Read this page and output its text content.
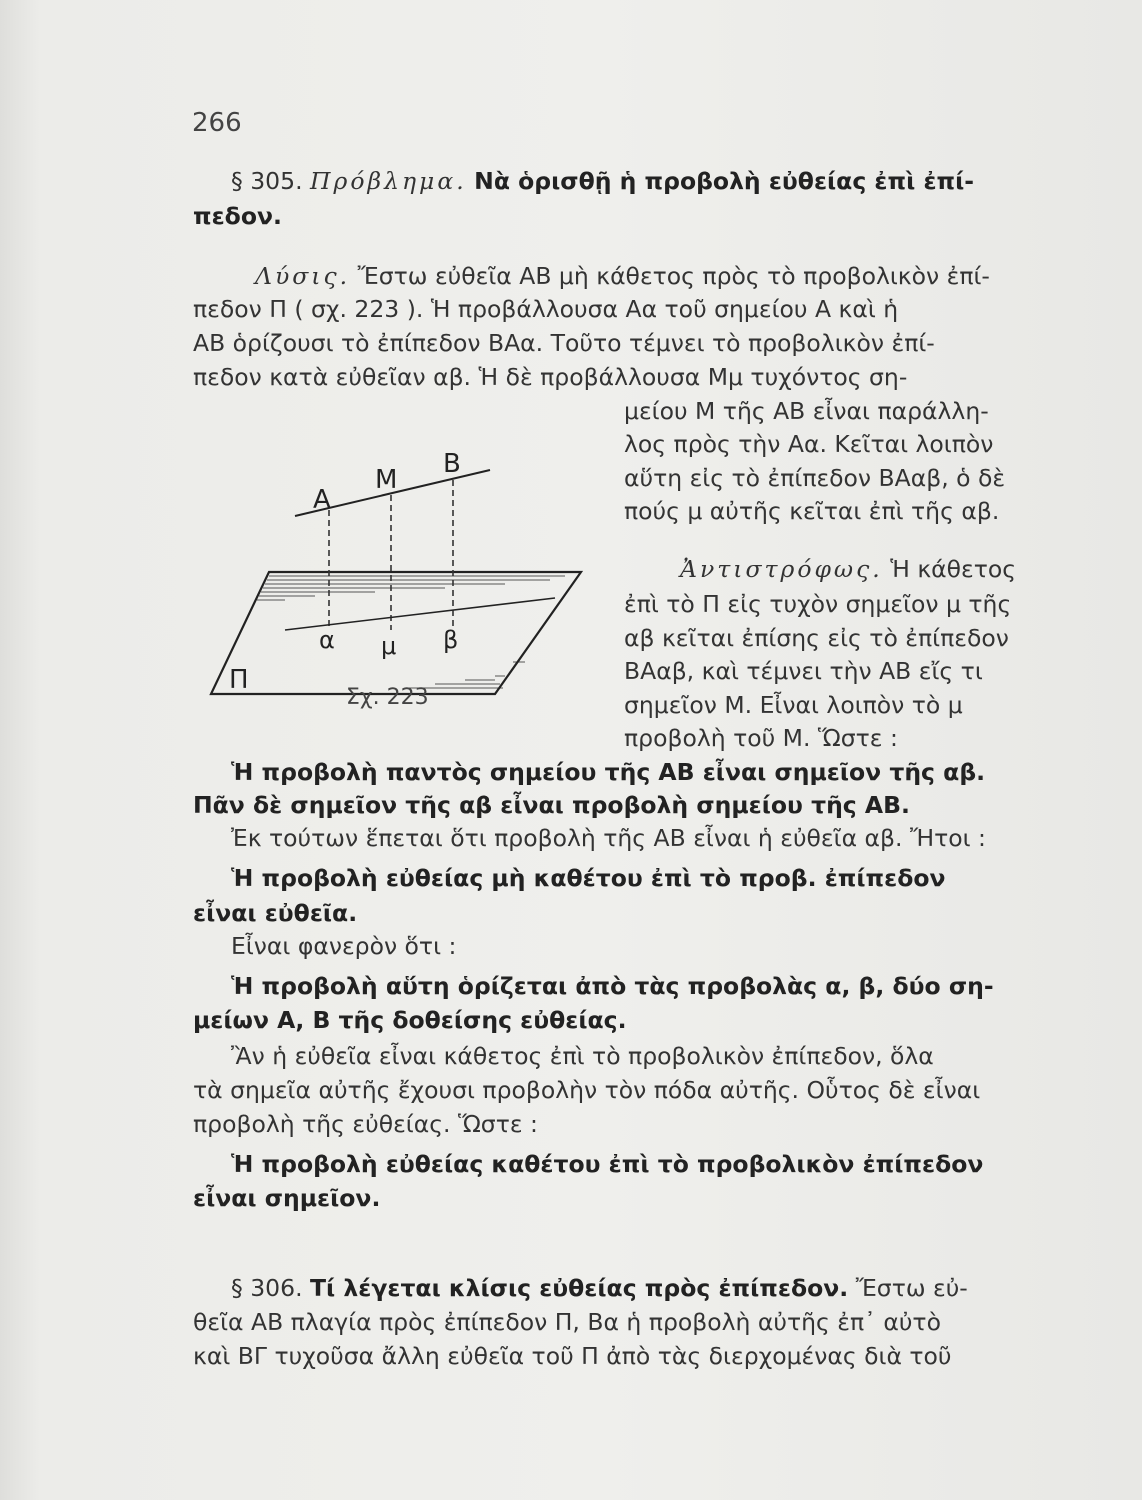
266
§ 305. Πρόβλημα. Νὰ ὁρισθῇ ἡ προβολὴ εὐθείας ἐπὶ ἐπί-
πεδον.
Λύσις. Ἔστω εὐθεῖα ΑΒ μὴ κάθετος πρὸς τὸ προβολικὸν ἐπί-
πεδον Π ( σχ. 223 ). Ἡ προβάλλουσα Αα τοῦ σημείου Α καὶ ἡ
ΑΒ ὁρίζουσι τὸ ἐπίπεδον ΒΑα. Τοῦτο τέμνει τὸ προβολικὸν ἐπί-
πεδον κατὰ εὐθεῖαν αβ. Ἡ δὲ προβάλλουσα Μμ τυχόντος ση-
μείου Μ τῆς ΑΒ εἶναι παράλλη-
λος πρὸς τὴν Αα. Κεῖται λοιπὸν
αὕτη εἰς τὸ ἐπίπεδον ΒΑαβ, ὁ δὲ
πούς μ αὐτῆς κεῖται ἐπὶ τῆς αβ.
Ἀντιστρόφως. Ἡ κάθετος
ἐπὶ τὸ Π εἰς τυχὸν σημεῖον μ τῆς
αβ κεῖται ἐπίσης εἰς τὸ ἐπίπεδον
ΒΑαβ, καὶ τέμνει τὴν ΑΒ εἴς τι
σημεῖον Μ. Εἶναι λοιπὸν τὸ μ
προβολὴ τοῦ Μ. Ὥστε :
Α
Μ
Β
α μ β
Π
Σχ. 223
Ἡ προβολὴ παντὸς σημείου τῆς ΑΒ εἶναι σημεῖον τῆς αβ.
Πᾶν δὲ σημεῖον τῆς αβ εἶναι προβολὴ σημείου τῆς ΑΒ.
Ἐκ τούτων ἕπεται ὅτι προβολὴ τῆς ΑΒ εἶναι ἡ εὐθεῖα αβ. Ἤτοι :
Ἡ προβολὴ εὐθείας μὴ καθέτου ἐπὶ τὸ προβ. ἐπίπεδον
εἶναι εὐθεῖα.
Εἶναι φανερὸν ὅτι :
Ἡ προβολὴ αὕτη ὁρίζεται ἀπὸ τὰς προβολὰς α, β, δύο ση-
μείων Α, Β τῆς δοθείσης εὐθείας.
Ἂν ἡ εὐθεῖα εἶναι κάθετος ἐπὶ τὸ προβολικὸν ἐπίπεδον, ὅλα
τὰ σημεῖα αὐτῆς ἔχουσι προβολὴν τὸν πόδα αὐτῆς. Οὗτος δὲ εἶναι
προβολὴ τῆς εὐθείας. Ὥστε :
Ἡ προβολὴ εὐθείας καθέτου ἐπὶ τὸ προβολικὸν ἐπίπεδον
εἶναι σημεῖον.
§ 306. Τί λέγεται κλίσις εὐθείας πρὸς ἐπίπεδον. Ἔστω εὐ-
θεῖα ΑΒ πλαγία πρὸς ἐπίπεδον Π, Βα ἡ προβολὴ αὐτῆς ἐπ᾽ αὐτὸ
καὶ ΒΓ τυχοῦσα ἄλλη εὐθεῖα τοῦ Π ἀπὸ τὰς διερχομένας διὰ τοῦ
